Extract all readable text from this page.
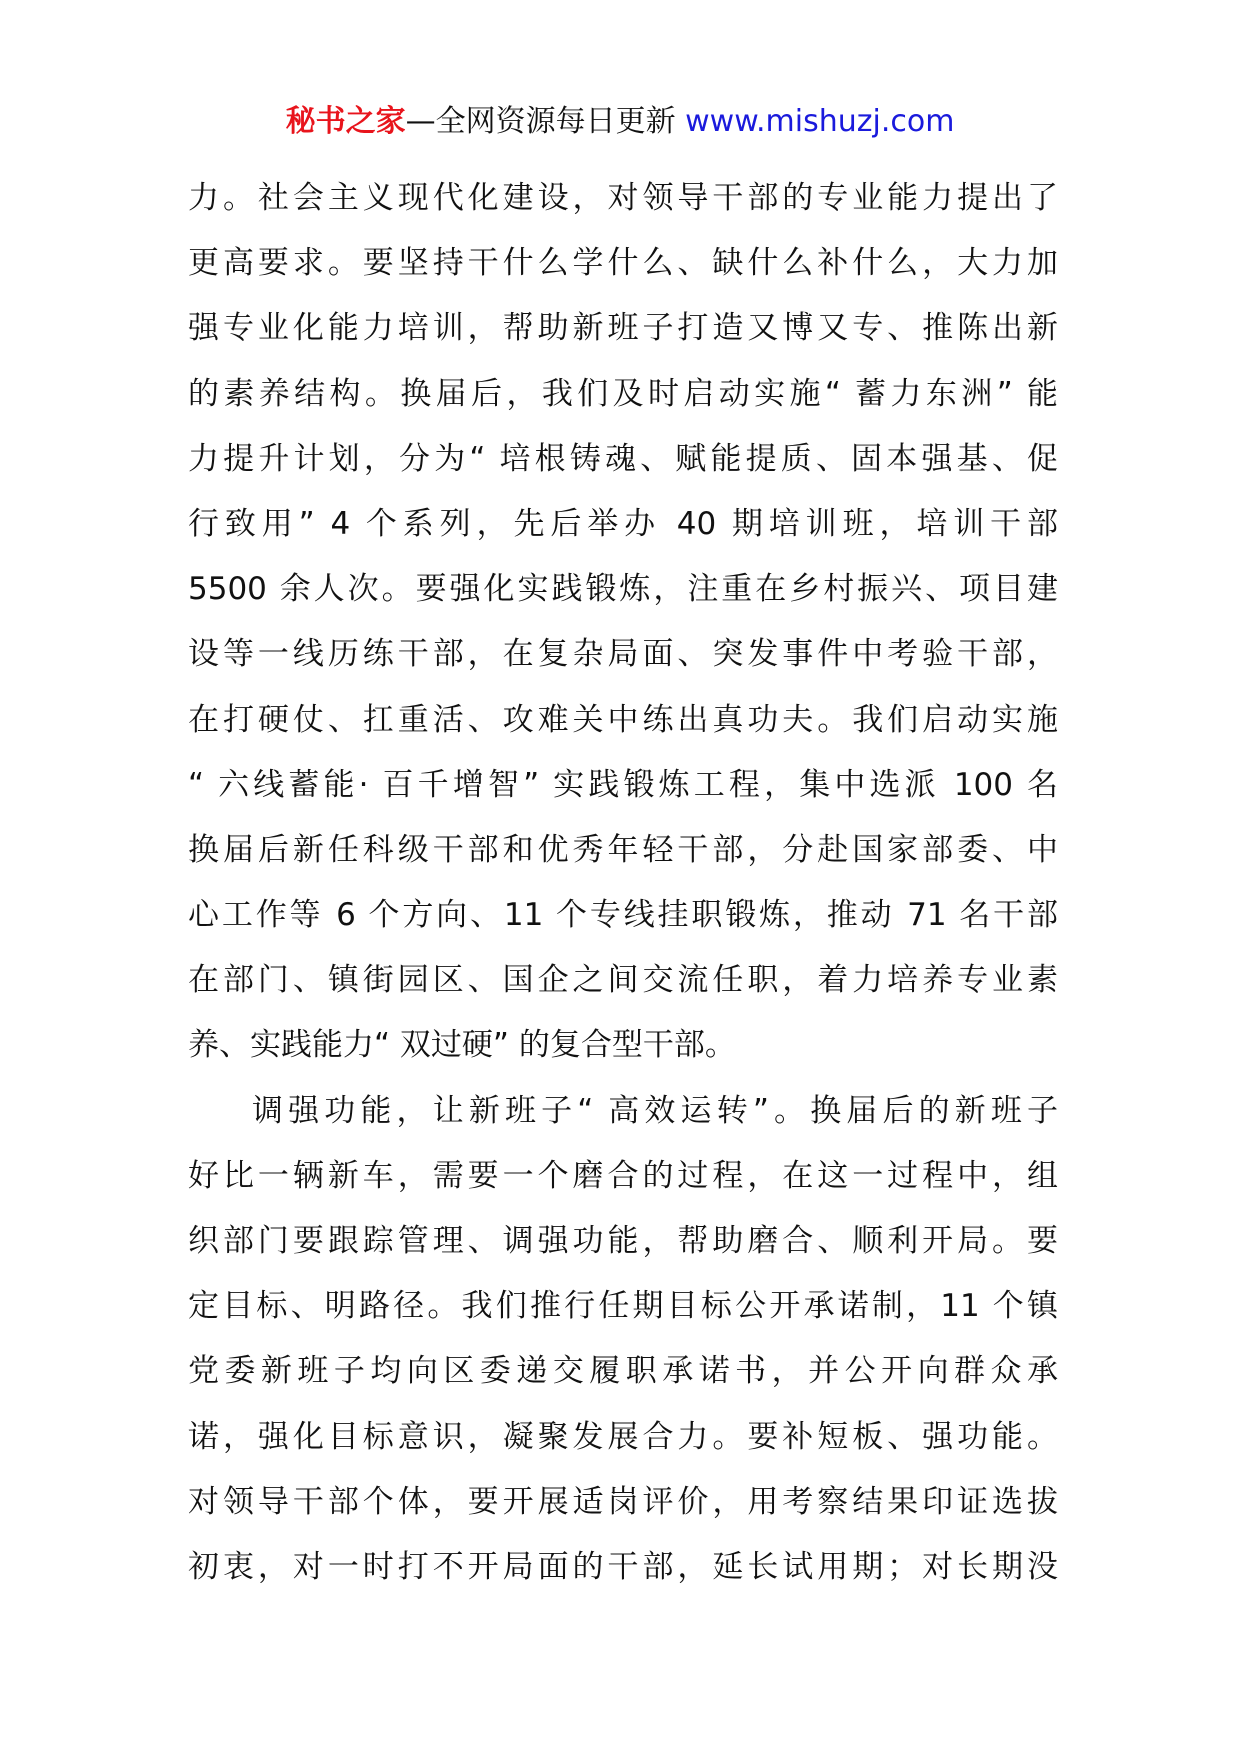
秘书之家—全网资源每日更新 www.mishuzj.com
力。社会主义现代化建设，对领导干部的专业能力提出了
更高要求。要坚持干什么学什么、缺什么补什么，大力加
强专业化能力培训，帮助新班子打造又博又专、推陈出新
的素养结构。换届后，我们及时启动实施“ 蓄力东洲” 能
力提升计划，分为“ 培根铸魂、赋能提质、固本强基、促
行致用” 4 个系列，先后举办 40 期培训班，培训干部
5500 余人次。要强化实践锻炼，注重在乡村振兴、项目建
设等一线历练干部，在复杂局面、突发事件中考验干部，
在打硬仗、扛重活、攻难关中练出真功夫。我们启动实施
“ 六线蓄能· 百千增智” 实践锻炼工程，集中选派 100 名
换届后新任科级干部和优秀年轻干部，分赴国家部委、中
心工作等 6 个方向、11 个专线挂职锻炼，推动 71 名干部
在部门、镇街园区、国企之间交流任职，着力培养专业素
养、实践能力“ 双过硬” 的复合型干部。
调强功能，让新班子“ 高效运转”。换届后的新班子
好比一辆新车，需要一个磨合的过程，在这一过程中，组
织部门要跟踪管理、调强功能，帮助磨合、顺利开局。要
定目标、明路径。我们推行任期目标公开承诺制，11 个镇
党委新班子均向区委递交履职承诺书，并公开向群众承
诺，强化目标意识，凝聚发展合力。要补短板、强功能。
对领导干部个体，要开展适岗评价，用考察结果印证选拔
初衷，对一时打不开局面的干部，延长试用期；对长期没
